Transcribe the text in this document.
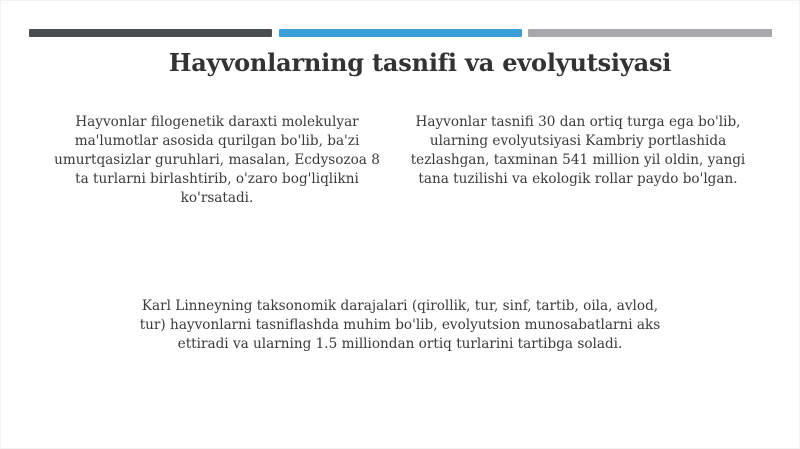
Hayvonlarning tasnifi va evolyutsiyasi

Hayvonlar filogenetik daraxti molekulyar ma'lumotlar asosida qurilgan bo'lib, ba'zi umurtqasizlar guruhlari, masalan, Ecdysozoa 8 ta turlarni birlashtirib, o'zaro bog'liqlikni ko'rsatadi.

Hayvonlar tasnifi 30 dan ortiq turga ega bo'lib, ularning evolyutsiyasi Kambriy portlashida tezlashgan, taxminan 541 million yil oldin, yangi tana tuzilishi va ekologik rollar paydo bo'lgan.

Karl Linneyning taksonomik darajalari (qirollik, tur, sinf, tartib, oila, avlod, tur) hayvonlarni tasniflashda muhim bo'lib, evolyutsion munosabatlarni aks ettiradi va ularning 1.5 milliondan ortiq turlarini tartibga soladi.
